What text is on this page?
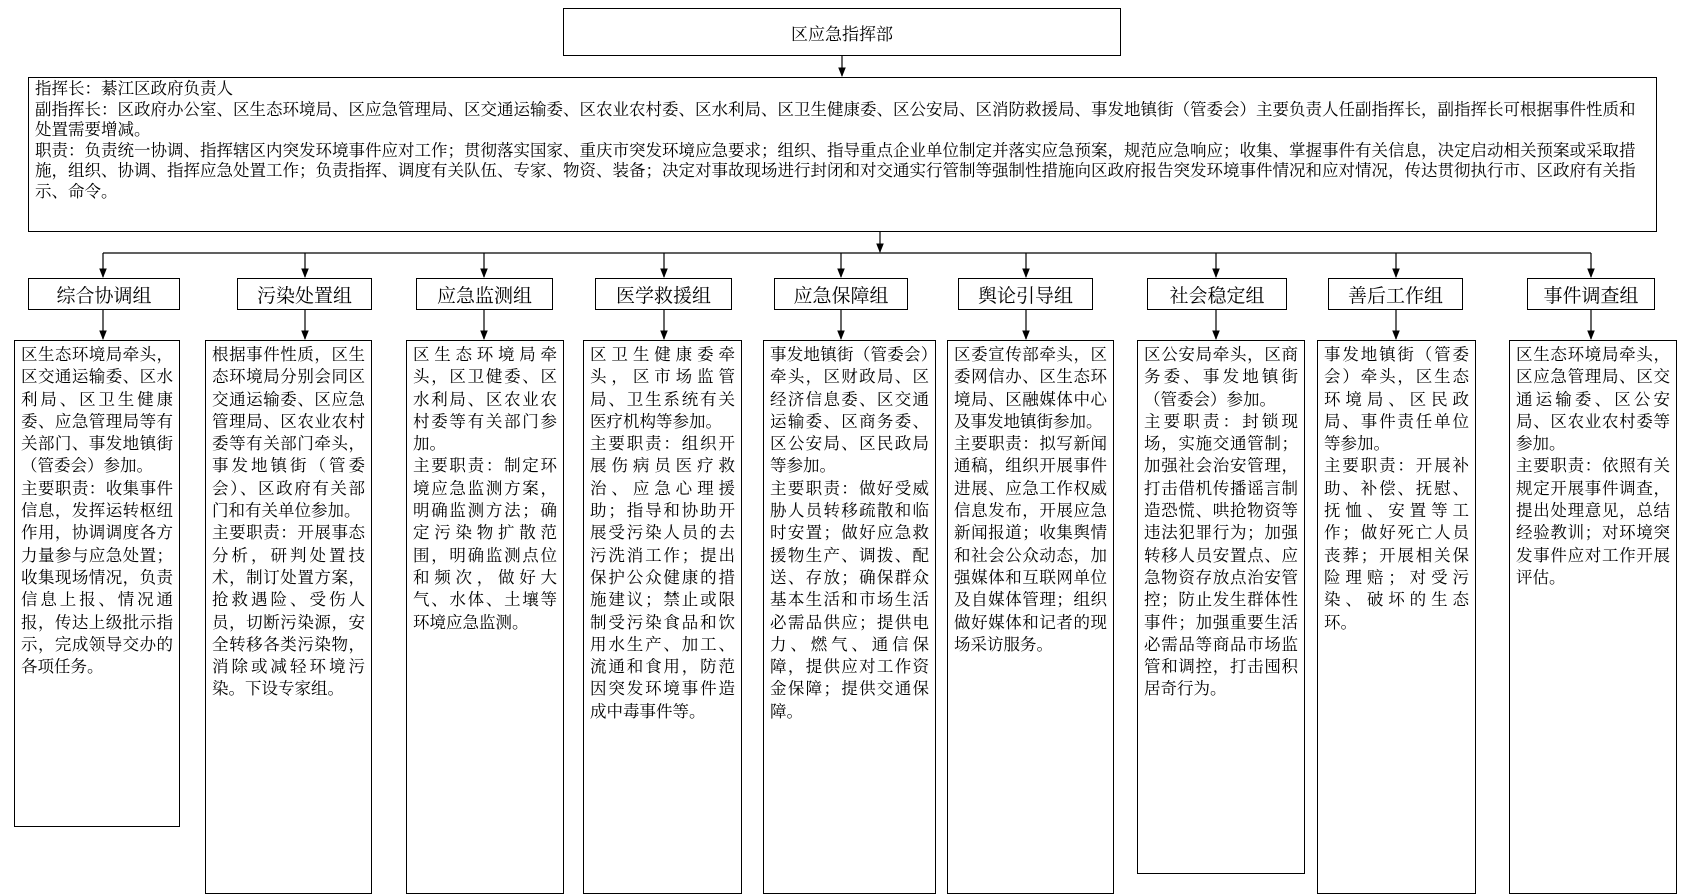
区应急指挥部

指挥长：綦江区政府负责人

副指挥长：区政府办公室、区生态环境局、区应急管理局、区交通运输委、区农业农村委、区水利局、区卫生健康委、区公安局、区消防救援局、事发地镇街（管委会）主要负责人任副指挥长，副指挥长可根据事件性质和处置需要增减。

职责：负责统一协调、指挥辖区内突发环境事件应对工作；贯彻落实国家、重庆市突发环境应急要求；组织、指导重点企业单位制定并落实应急预案，规范应急响应；收集、掌握事件有关信息，决定启动相关预案或采取措施，组织、协调、指挥应急处置工作；负责指挥、调度有关队伍、专家、物资、装备；决定对事故现场进行封闭和对交通实行管制等强制性措施向区政府报告突发环境事件情况和应对情况，传达贯彻执行市、区政府有关指示、命令。

综合协调组

区生态环境局牵头，区交通运输委、区水利局、区卫生健康委、应急管理局等有关部门、事发地镇街（管委会）参加。

主要职责：收集事件信息，发挥运转枢纽作用，协调调度各方力量参与应急处置；收集现场情况，负责信息上报、情况通报，传达上级批示指示，完成领导交办的各项任务。

污染处置组

根据事件性质，区生态环境局分别会同区交通运输委、区应急管理局、区农业农村委等有关部门牵头，事发地镇街（管委会）、区政府有关部门和有关单位参加。

主要职责：开展事态分析，研判处置技术，制订处置方案，抢救遇险、受伤人员，切断污染源，安全转移各类污染物，消除或减轻环境污染。下设专家组。

应急监测组

区生态环境局牵头，区卫健委、区水利局、区农业农村委等有关部门参加。

主要职责：制定环境应急监测方案，明确监测方法；确定污染物扩散范围，明确监测点位和频次，做好大气、水体、土壤等环境应急监测。

医学救援组

区卫生健康委牵头，区市场监管局、卫生系统有关医疗机构等参加。

主要职责：组织开展伤病员医疗救治、应急心理援助；指导和协助开展受污染人员的去污洗消工作；提出保护公众健康的措施建议；禁止或限制受污染食品和饮用水生产、加工、流通和食用，防范因突发环境事件造成中毒事件等。

应急保障组

事发地镇街（管委会）牵头，区财政局、区经济信息委、区交通运输委、区商务委、区公安局、区民政局等参加。

主要职责：做好受威胁人员转移疏散和临时安置；做好应急救援物生产、调拨、配送、存放；确保群众基本生活和市场生活必需品供应；提供电力、燃气、通信保障，提供应对工作资金保障；提供交通保障。

舆论引导组

区委宣传部牵头，区委网信办、区生态环境局、区融媒体中心及事发地镇街参加。

主要职责：拟写新闻通稿，组织开展事件进展、应急工作权威信息发布，开展应急新闻报道；收集舆情和社会公众动态，加强媒体和互联网单位及自媒体管理；组织做好媒体和记者的现场采访服务。

社会稳定组

区公安局牵头，区商务委、事发地镇街（管委会）参加。

主要职责：封锁现场，实施交通管制；加强社会治安管理，打击借机传播谣言制造恐慌、哄抢物资等违法犯罪行为；加强转移人员安置点、应急物资存放点治安管控；防止发生群体性事件；加强重要生活必需品等商品市场监管和调控，打击囤积居奇行为。

善后工作组

事发地镇街（管委会）牵头，区生态环境局、区民政局、事件责任单位等参加。

主要职责：开展补助、补偿、抚慰、抚恤、安置等工作；做好死亡人员丧葬；开展相关保险理赔；对受污染、破坏的生态环。

事件调查组

区生态环境局牵头，区应急管理局、区交通运输委、区公安局、区农业农村委等参加。

主要职责：依照有关规定开展事件调查，提出处理意见，总结经验教训；对环境突发事件应对工作开展评估。
